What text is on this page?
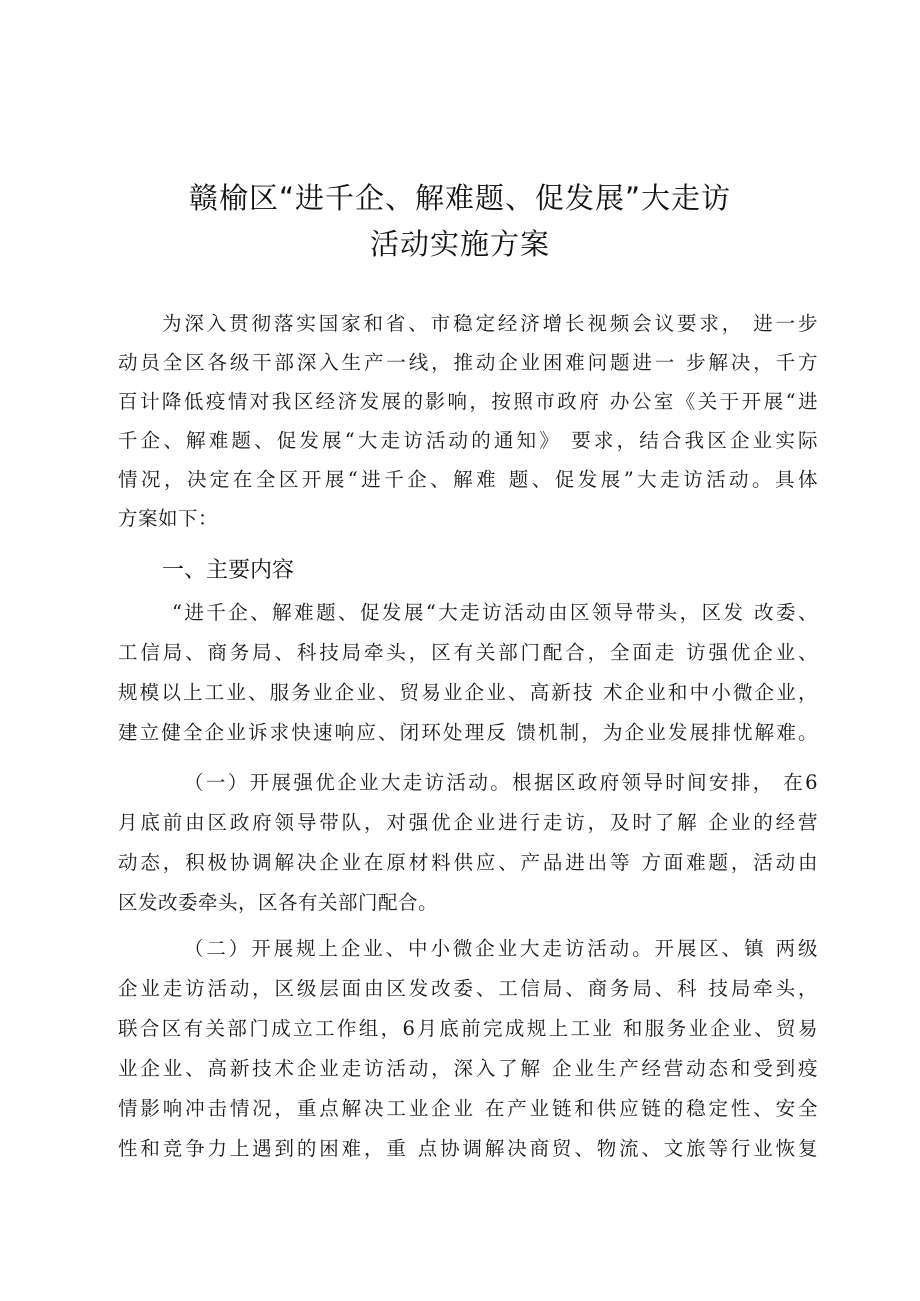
赣榆区“进千企、解难题、促发展”大走访
活动实施方案
为深入贯彻落实国家和省、市稳定经济增长视频会议要求， 进一步
动员全区各级干部深入生产一线，推动企业困难问题进一 步解决，千方
百计降低疫情对我区经济发展的影响，按照市政府 办公室《关于开展“进
千企、解难题、促发展“大走访活动的通知》 要求，结合我区企业实际
情况，决定在全区开展“进千企、解难 题、促发展”大走访活动。具体
方案如下：
一、主要内容
“进千企、解难题、促发展“大走访活动由区领导带头，区发 改委、
工信局、商务局、科技局牵头，区有关部门配合，全面走 访强优企业、
规模以上工业、服务业企业、贸易业企业、高新技 术企业和中小微企业，
建立健全企业诉求快速响应、闭环处理反 馈机制，为企业发展排忧解难。
（一）开展强优企业大走访活动。根据区政府领导时间安排， 在6
月底前由区政府领导带队，对强优企业进行走访，及时了解 企业的经营
动态，积极协调解决企业在原材料供应、产品进出等 方面难题，活动由
区发改委牵头，区各有关部门配合。
（二）开展规上企业、中小微企业大走访活动。开展区、镇 两级
企业走访活动，区级层面由区发改委、工信局、商务局、科 技局牵头，
联合区有关部门成立工作组，6月底前完成规上工业 和服务业企业、贸易
业企业、高新技术企业走访活动，深入了解 企业生产经营动态和受到疫
情影响冲击情况，重点解决工业企业 在产业链和供应链的稳定性、安全
性和竞争力上遇到的困难，重 点协调解决商贸、物流、文旅等行业恢复
